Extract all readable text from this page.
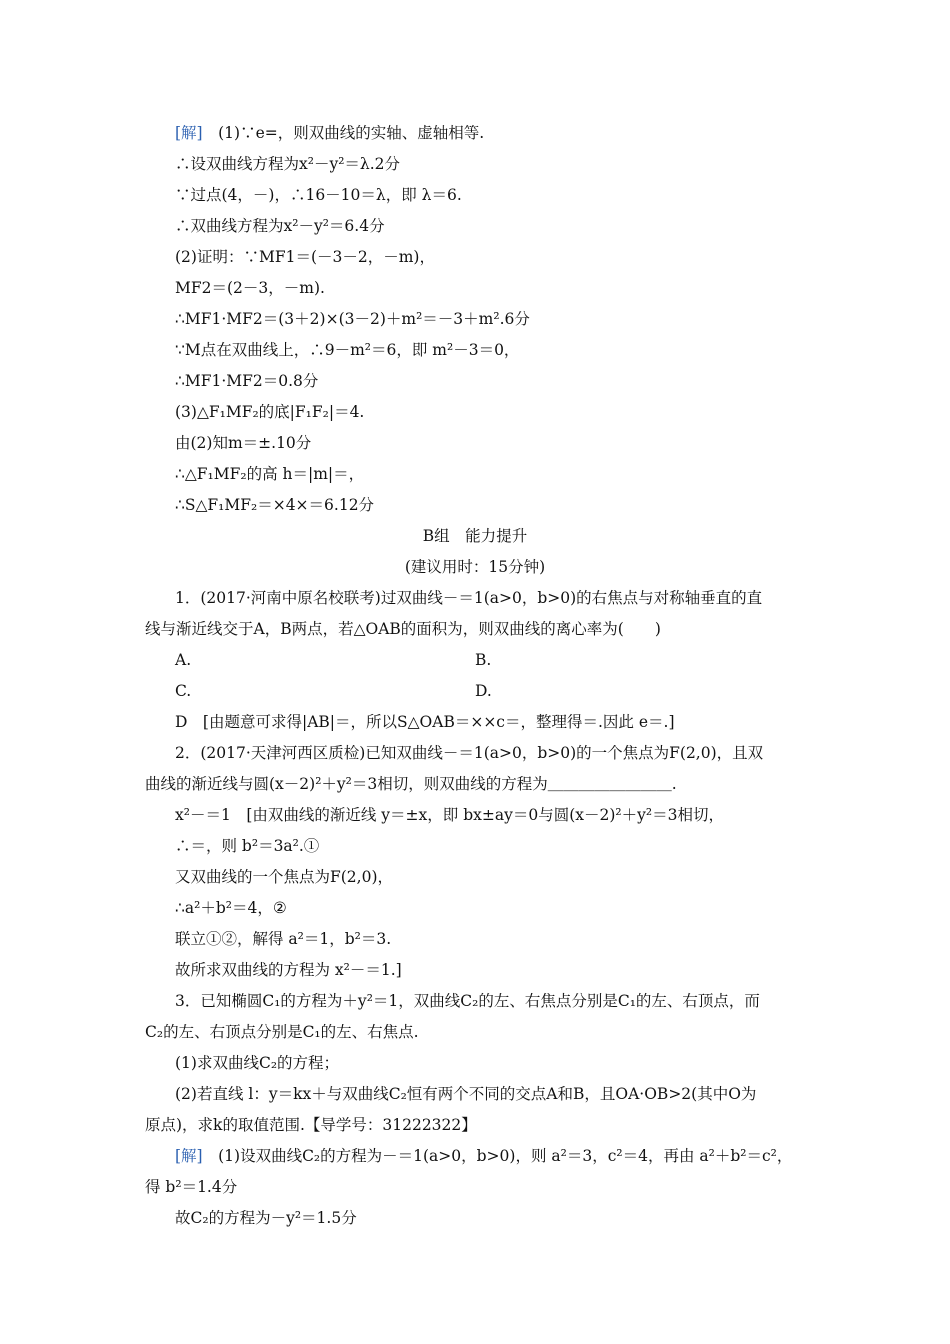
[解]　(1)∵e=，则双曲线的实轴、虚轴相等.
∴设双曲线方程为x²－y²＝λ.2分
∵过点(4，－)，∴16－10＝λ，即 λ＝6.
∴双曲线方程为x²－y²＝6.4分
(2)证明：∵MF1＝(－3－2，－m)，
MF2＝(2－3，－m).
∴MF1·MF2＝(3＋2)×(3－2)＋m²＝－3＋m².6分
∵M点在双曲线上，∴9－m²＝6，即 m²－3＝0，
∴MF1·MF2＝0.8分
(3)△F₁MF₂的底|F₁F₂|＝4.
由(2)知m＝±.10分
∴△F₁MF₂的高 h＝|m|＝，
∴S△F₁MF₂＝×4×＝6.12分
B组　能力提升
(建议用时：15分钟)
1．(2017·河南中原名校联考)过双曲线－＝1(a>0，b>0)的右焦点与对称轴垂直的直
线与渐近线交于A，B两点，若△OAB的面积为，则双曲线的离心率为(　　)
A.	B.
C.	D.
D　[由题意可求得|AB|＝，所以S△OAB＝××c＝，整理得＝.因此 e＝.]
2．(2017·天津河西区质检)已知双曲线－＝1(a>0，b>0)的一个焦点为F(2,0)，且双
曲线的渐近线与圆(x－2)²＋y²＝3相切，则双曲线的方程为＿＿＿＿＿＿＿＿.
x²－＝1　[由双曲线的渐近线 y＝±x，即 bx±ay＝0与圆(x－2)²＋y²＝3相切，
∴＝，则 b²＝3a².①
又双曲线的一个焦点为F(2,0)，
∴a²＋b²＝4，②
联立①②，解得 a²＝1，b²＝3.
故所求双曲线的方程为 x²－＝1.]
3．已知椭圆C₁的方程为＋y²＝1，双曲线C₂的左、右焦点分别是C₁的左、右顶点，而
C₂的左、右顶点分别是C₁的左、右焦点.
(1)求双曲线C₂的方程；
(2)若直线 l：y＝kx＋与双曲线C₂恒有两个不同的交点A和B，且OA·OB>2(其中O为
原点)，求k的取值范围.【导学号：31222322】
[解]　(1)设双曲线C₂的方程为－＝1(a>0，b>0)，则 a²＝3，c²＝4，再由 a²＋b²＝c²，
得 b²＝1.4分
故C₂的方程为－y²＝1.5分
